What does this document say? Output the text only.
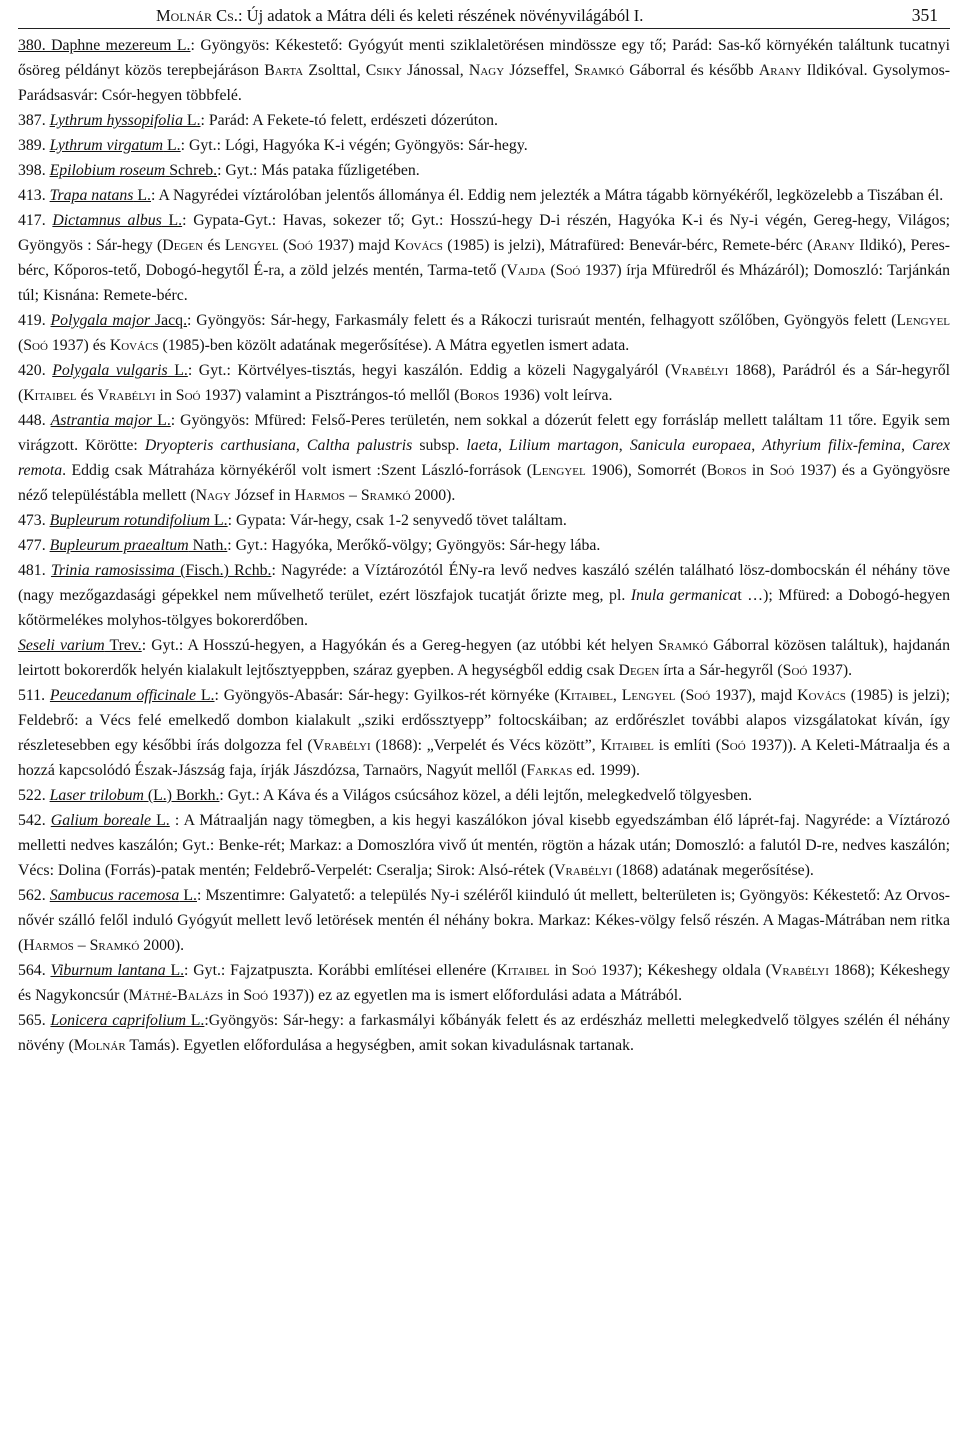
Molnár Cs.: Új adatok a Mátra déli és keleti részének növényvilágából I.	351

380. Daphne mezereum L.: Gyöngyös: Kékestető: Gyógyút menti sziklaletörésen mindössze egy tő; Parád: Sas-kő környékén találtunk tucatnyi ősöreg példányt közös terepbejáráson Barta Zsolttal, Csiky Jánossal, Nagy Józseffel, Sramkó Gáborral és később Arany Ildikóval. Gysolymos-Parádsasvár: Csór-hegyen többfelé.

387. Lythrum hyssopifolia L.: Parád: A Fekete-tó felett, erdészeti dózerúton.

389. Lythrum virgatum L.: Gyt.: Lógi, Hagyóka K-i végén; Gyöngyös: Sár-hegy.

398. Epilobium roseum Schreb.: Gyt.: Más pataka fűzligetében.

413. Trapa natans L.: A Nagyrédei víztárolóban jelentős állománya él. Eddig nem jelezték a Mátra tágabb környékéről, legközelebb a Tiszában él.

417. Dictamnus albus L.: Gypata-Gyt.: Havas, sokezer tő; Gyt.: Hosszú-hegy D-i részén, Hagyóka K-i és Ny-i végén, Gereg-hegy, Világos; Gyöngyös : Sár-hegy (Degen és Lengyel (Soó 1937) majd Kovács (1985) is jelzi), Mátrafüred: Benevár-bérc, Remete-bérc (Arany Ildikó), Peres-bérc, Kőporos-tető, Dobogó-hegytől É-ra, a zöld jelzés mentén, Tarma-tető (Vajda (Soó 1937) írja Mfüredről és Mházáról); Domoszló: Tarjánkán túl; Kisnána: Remete-bérc.

419. Polygala major Jacq.: Gyöngyös: Sár-hegy, Farkasmály felett és a Rákoczi turisraút mentén, felhagyott szőlőben, Gyöngyös felett (Lengyel (Soó 1937) és Kovács (1985)-ben közölt adatának megerősítése). A Mátra egyetlen ismert adata.

420. Polygala vulgaris L.: Gyt.: Körtvélyes-tisztás, hegyi kaszálón. Eddig a közeli Nagygalyáról (Vrabélyi 1868), Parádról és a Sár-hegyről (Kitaibel és Vrabélyi in Soó 1937) valamint a Pisztrángos-tó mellől (Boros 1936) volt leírva.

448. Astrantia major L.: Gyöngyös: Mfüred: Felső-Peres területén, nem sokkal a dózerút felett egy forrásláp mellett találtam 11 tőre. Egyik sem virágzott. Körötte: Dryopteris carthusiana, Caltha palustris subsp. laeta, Lilium martagon, Sanicula europaea, Athyrium filix-femina, Carex remota. Eddig csak Mátraháza környékéről volt ismert :Szent László-források (Lengyel 1906), Somorrét (Boros in Soó 1937) és a Gyöngyösre néző településtábla mellett (Nagy József in Harmos – Sramkó 2000).

473. Bupleurum rotundifolium L.: Gypata: Vár-hegy, csak 1-2 senyvedő tövet találtam.

477. Bupleurum praealtum Nath.: Gyt.: Hagyóka, Merőkő-völgy; Gyöngyös: Sár-hegy lába.

481. Trinia ramosissima (Fisch.) Rchb.: Nagyréde: a Víztározótól ÉNy-ra levő nedves kaszáló szélén található lösz-dombocskán él néhány töve (nagy mezőgazdasági gépekkel nem művelhető terület, ezért löszfajok tucatját őrizte meg, pl. Inula germanicat …); Mfüred: a Dobogó-hegyen kőtörmelékes molyhos-tölgyes bokorerdőben.

Seseli varium Trev.: Gyt.: A Hosszú-hegyen, a Hagyókán és a Gereg-hegyen (az utóbbi két helyen Sramkó Gáborral közösen találtuk), hajdanán leirtott bokorerdők helyén kialakult lejtősztyeppben, száraz gyepben. A hegységből eddig csak Degen írta a Sár-hegyről (Soó 1937).

511. Peucedanum officinale L.: Gyöngyös-Abasár: Sár-hegy: Gyilkos-rét környéke (Kitaibel, Lengyel (Soó 1937), majd Kovács (1985) is jelzi); Feldebrő: a Vécs felé emelkedő dombon kialakult „sziki erdőssztyepp” foltocskáiban; az erdőrészlet további alapos vizsgálatokat kíván, így részletesebben egy későbbi írás dolgozza fel (Vrabélyi (1868): „Verpelét és Vécs között”, Kitaibel is említi (Soó 1937)). A Keleti-Mátraalja és a hozzá kapcsolódó Észak-Jászság faja, írják Jászdózsa, Tarnaörs, Nagyút mellől (Farkas ed. 1999).

522. Laser trilobum (L.) Borkh.: Gyt.: A Káva és a Világos csúcsához közel, a déli lejtőn, melegkedvelő tölgyesben.

542. Galium boreale L. : A Mátraalján nagy tömegben, a kis hegyi kaszálókon jóval kisebb egyedszámban élő láprét-faj. Nagyréde: a Víztározó melletti nedves kaszálón; Gyt.: Benke-rét; Markaz: a Domoszlóra vivő út mentén, rögtön a házak után; Domoszló: a falutól D-re, nedves kaszálón; Vécs: Dolina (Forrás)-patak mentén; Feldebrő-Verpelét: Cseralja; Sirok: Alsó-rétek (Vrabélyi (1868) adatának megerősítése).

562. Sambucus racemosa L.: Mszentimre: Galyatető: a település Ny-i széléről kiinduló út mellett, belterületen is; Gyöngyös: Kékestető: Az Orvos-nővér szálló felől induló Gyógyút mellett levő letörések mentén él néhány bokra. Markaz: Kékes-völgy felső részén. A Magas-Mátrában nem ritka (Harmos – Sramkó 2000).

564. Viburnum lantana L.: Gyt.: Fajzatpuszta. Korábbi említései ellenére (Kitaibel in Soó 1937); Kékeshegy oldala (Vrabélyi 1868); Kékeshegy és Nagykoncsúr (Máthé-Balázs in Soó 1937)) ez az egyetlen ma is ismert előfordulási adata a Mátrából.

565. Lonicera caprifolium L.:Gyöngyös: Sár-hegy: a farkasmályi kőbányák felett és az erdészház melletti melegkedvelő tölgyes szélén él néhány növény (Molnár Tamás). Egyetlen előfordulása a hegységben, amit sokan kivadulásnak tartanak.
